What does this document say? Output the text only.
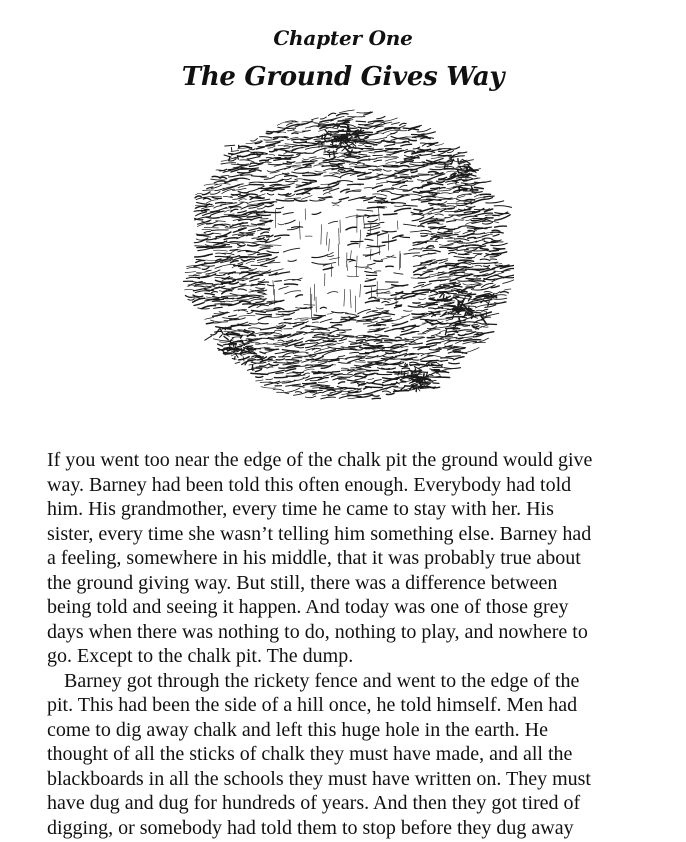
Chapter One
The Ground Gives Way
If you went too near the edge of the chalk pit the ground would give
way. Barney had been told this often enough. Everybody had told
him. His grandmother, every time he came to stay with her. His
sister, every time she wasn’t telling him something else. Barney had
a feeling, somewhere in his middle, that it was probably true about
the ground giving way. But still, there was a difference between
being told and seeing it happen. And today was one of those grey
days when there was nothing to do, nothing to play, and nowhere to
go. Except to the chalk pit. The dump.
Barney got through the rickety fence and went to the edge of the
pit. This had been the side of a hill once, he told himself. Men had
come to dig away chalk and left this huge hole in the earth. He
thought of all the sticks of chalk they must have made, and all the
blackboards in all the schools they must have written on. They must
have dug and dug for hundreds of years. And then they got tired of
digging, or somebody had told them to stop before they dug away
